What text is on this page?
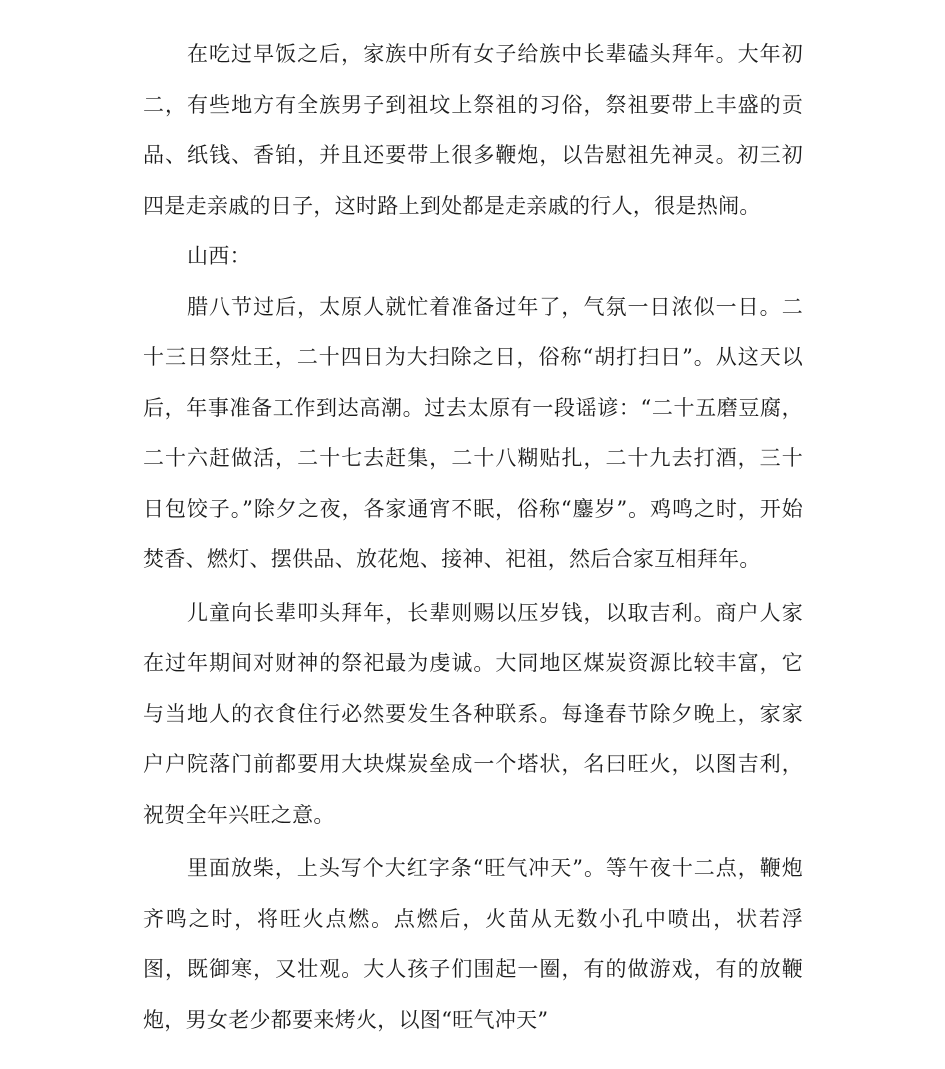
在吃过早饭之后，家族中所有女子给族中长辈磕头拜年。大年初二，有些地方有全族男子到祖坟上祭祖的习俗，祭祖要带上丰盛的贡品、纸钱、香铂，并且还要带上很多鞭炮，以告慰祖先神灵。初三初四是走亲戚的日子，这时路上到处都是走亲戚的行人，很是热闹。

山西：

腊八节过后，太原人就忙着准备过年了，气氛一日浓似一日。二十三日祭灶王，二十四日为大扫除之日，俗称“胡打扫日”。从这天以后，年事准备工作到达高潮。过去太原有一段谣谚：“二十五磨豆腐，二十六赶做活，二十七去赶集，二十八糊贴扎，二十九去打酒，三十日包饺子。”除夕之夜，各家通宵不眠，俗称“鏖岁”。鸡鸣之时，开始焚香、燃灯、摆供品、放花炮、接神、祀祖，然后合家互相拜年。

儿童向长辈叩头拜年，长辈则赐以压岁钱，以取吉利。商户人家在过年期间对财神的祭祀最为虔诚。大同地区煤炭资源比较丰富，它与当地人的衣食住行必然要发生各种联系。每逢春节除夕晚上，家家户户院落门前都要用大块煤炭垒成一个塔状，名曰旺火，以图吉利，祝贺全年兴旺之意。

里面放柴，上头写个大红字条“旺气冲天”。等午夜十二点，鞭炮齐鸣之时，将旺火点燃。点燃后，火苗从无数小孔中喷出，状若浮图，既御寒，又壮观。大人孩子们围起一圈，有的做游戏，有的放鞭炮，男女老少都要来烤火，以图“旺气冲天”
